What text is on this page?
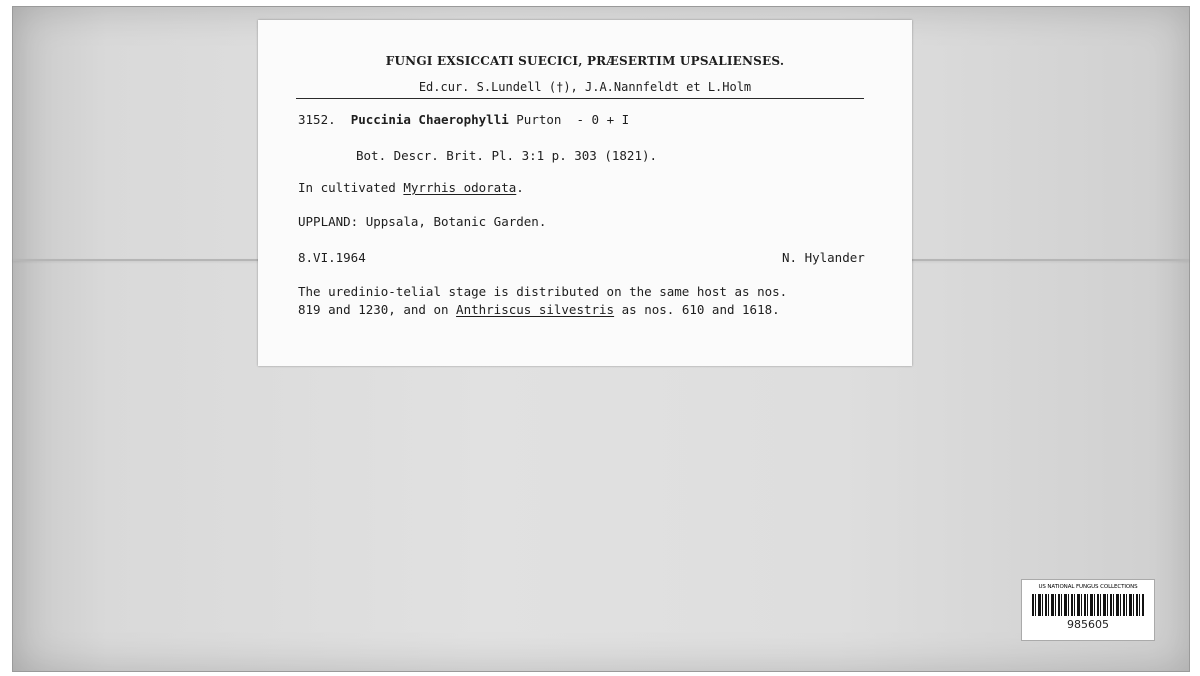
FUNGI EXSICCATI SUECICI, PRÆSERTIM UPSALIENSES.
Ed.cur. S.Lundell (†), J.A.Nannfeldt et L.Holm
3152. Puccinia Chaerophylli Purton - 0 + I
Bot. Descr. Brit. Pl. 3:1 p. 303 (1821).
In cultivated Myrrhis odorata.
UPPLAND: Uppsala, Botanic Garden.
8.VI.1964	N. Hylander
The uredinio-telial stage is distributed on the same host as nos.
819 and 1230, and on Anthriscus silvestris as nos. 610 and 1618.
US NATIONAL FUNGUS COLLECTIONS
985605
